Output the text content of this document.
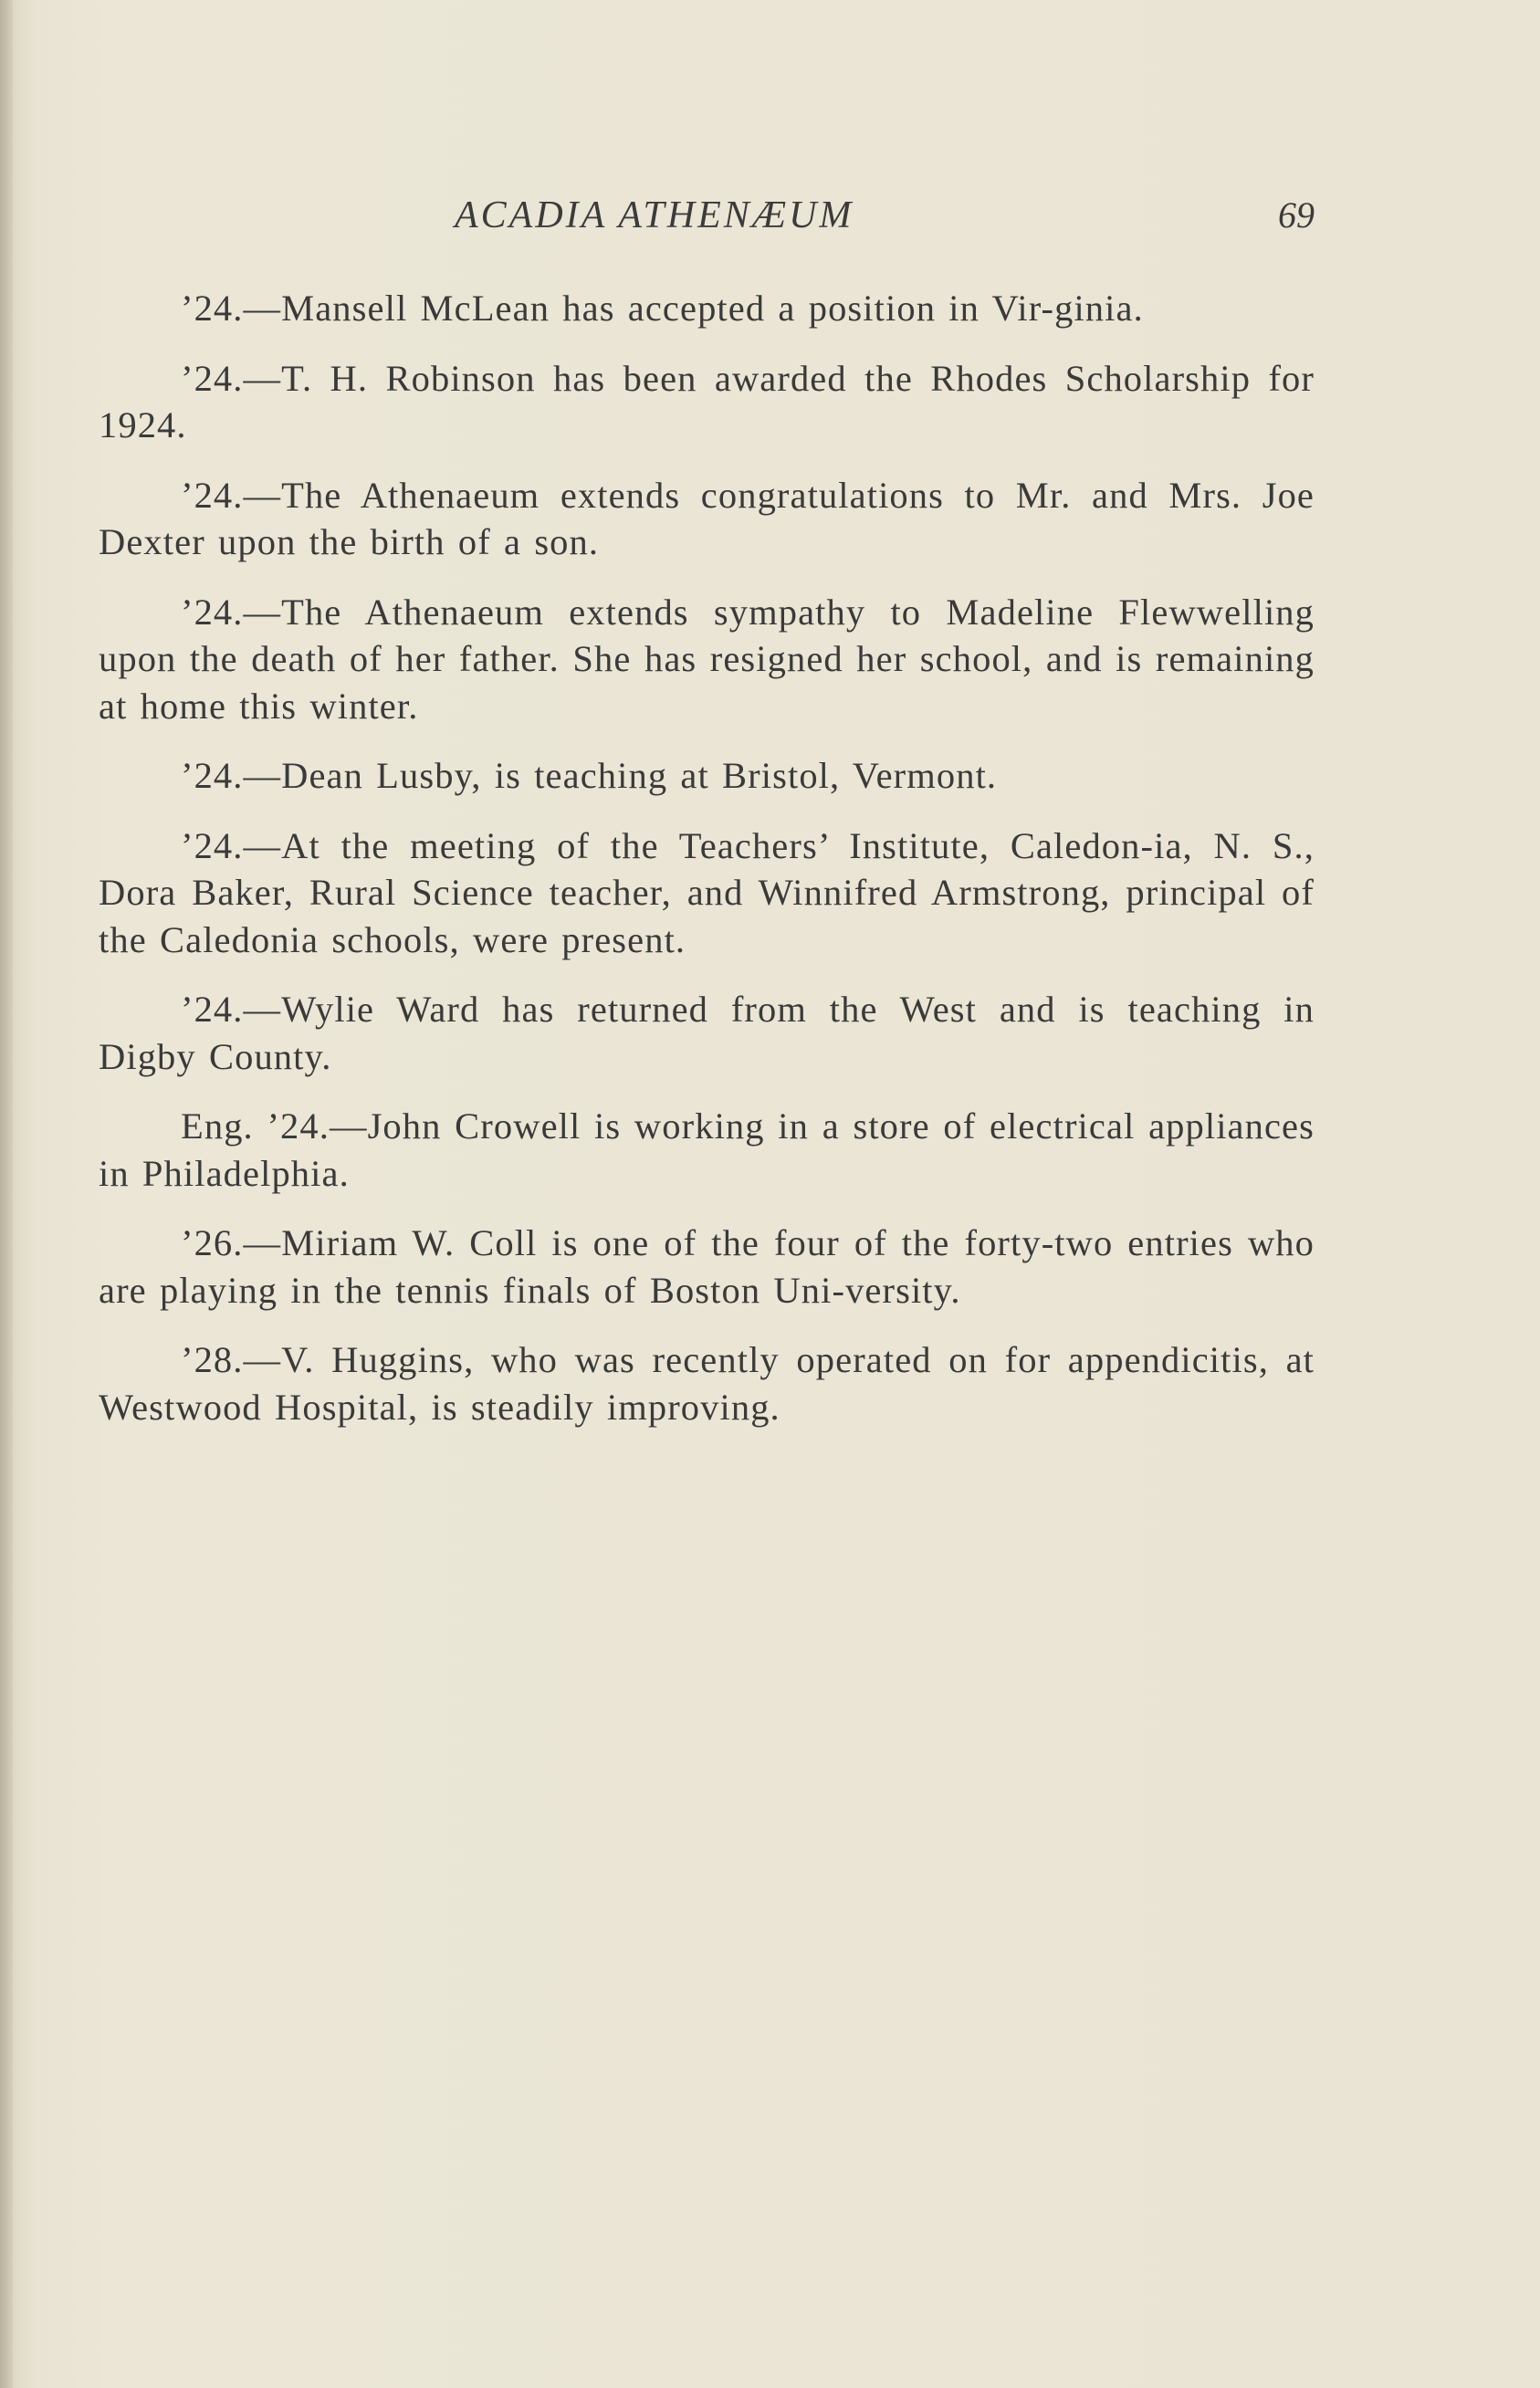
ACADIA ATHENÆUM	69

’24.—Mansell McLean has accepted a position in Vir-ginia.

’24.—T. H. Robinson has been awarded the Rhodes Scholarship for 1924.

’24.—The Athenaeum extends congratulations to Mr. and Mrs. Joe Dexter upon the birth of a son.

’24.—The Athenaeum extends sympathy to Madeline Flewwelling upon the death of her father. She has resigned her school, and is remaining at home this winter.

’24.—Dean Lusby, is teaching at Bristol, Vermont.

’24.—At the meeting of the Teachers’ Institute, Caledon-ia, N. S., Dora Baker, Rural Science teacher, and Winnifred Armstrong, principal of the Caledonia schools, were present.

’24.—Wylie Ward has returned from the West and is teaching in Digby County.

Eng. ’24.—John Crowell is working in a store of electrical appliances in Philadelphia.

’26.—Miriam W. Coll is one of the four of the forty-two entries who are playing in the tennis finals of Boston Uni-versity.

’28.—V. Huggins, who was recently operated on for appendicitis, at Westwood Hospital, is steadily improving.
